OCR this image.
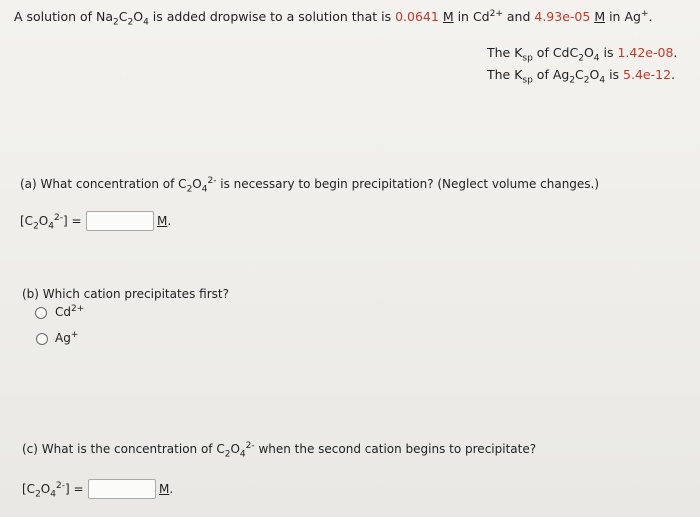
A solution of $Na_2C_2O_4$ is added dropwise to a solution that is 0.0641 M in $Cd^{2+}$ and 4.93e-05 M in Ag+.
The $K_{sp}$ of $CdC_2O_4$ is 1.42e-08.
The $K_{sp}$ of $Ag_2C_2O_4$ is 5.4e-12.
(a) What concentration of $C_2O_4^{2-}$ is necessary to begin precipitation? (Neglect volume changes.)
$[C_2O_4^{2-}]$ =	M.
(b) Which cation precipitates first?
$Cd^{2+}$
Ag+
(c) What is the concentration of $C_2O_4^{2-}$ when the second cation begins to precipitate?
$[C_2O_4^{2-}]$ =	M.
